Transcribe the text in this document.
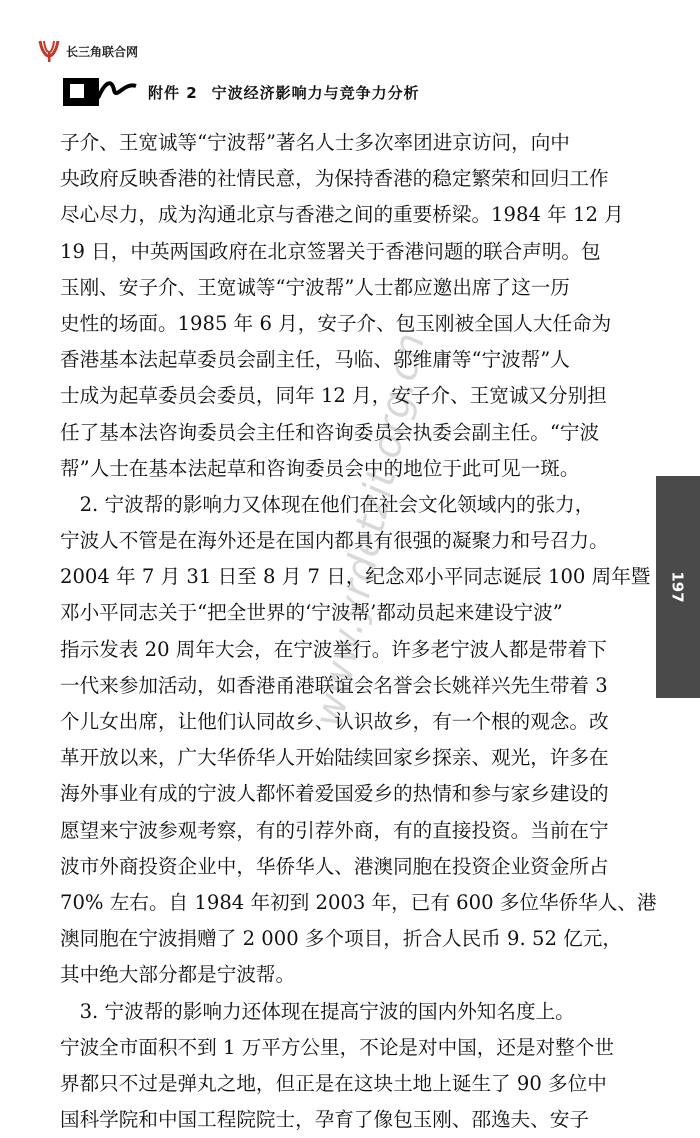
长三角联合网
附件 2 宁波经济影响力与竞争力分析
www.yrdetzit.org.cn
子介、王宽诚等“宁波帮”著名人士多次率团进京访问，向中
央政府反映香港的社情民意，为保持香港的稳定繁荣和回归工作
尽心尽力，成为沟通北京与香港之间的重要桥梁。1984 年 12 月
19 日，中英两国政府在北京签署关于香港问题的联合声明。包
玉刚、安子介、王宽诚等“宁波帮”人士都应邀出席了这一历
史性的场面。1985 年 6 月，安子介、包玉刚被全国人大任命为
香港基本法起草委员会副主任，马临、邬维庸等“宁波帮”人
士成为起草委员会委员，同年 12 月，安子介、王宽诚又分别担
任了基本法咨询委员会主任和咨询委员会执委会副主任。“宁波
帮”人士在基本法起草和咨询委员会中的地位于此可见一斑。
　2. 宁波帮的影响力又体现在他们在社会文化领域内的张力，
宁波人不管是在海外还是在国内都具有很强的凝聚力和号召力。
2004 年 7 月 31 日至 8 月 7 日，纪念邓小平同志诞辰 100 周年暨
邓小平同志关于“把全世界的‘宁波帮’都动员起来建设宁波”
指示发表 20 周年大会，在宁波举行。许多老宁波人都是带着下
一代来参加活动，如香港甬港联谊会名誉会长姚祥兴先生带着 3
个儿女出席，让他们认同故乡、认识故乡，有一个根的观念。改
革开放以来，广大华侨华人开始陆续回家乡探亲、观光，许多在
海外事业有成的宁波人都怀着爱国爱乡的热情和参与家乡建设的
愿望来宁波参观考察，有的引荐外商，有的直接投资。当前在宁
波市外商投资企业中，华侨华人、港澳同胞在投资企业资金所占
70% 左右。自 1984 年初到 2003 年，已有 600 多位华侨华人、港
澳同胞在宁波捐赠了 2 000 多个项目，折合人民币 9. 52 亿元，
其中绝大部分都是宁波帮。
　3. 宁波帮的影响力还体现在提高宁波的国内外知名度上。
宁波全市面积不到 1 万平方公里，不论是对中国，还是对整个世
界都只不过是弹丸之地，但正是在这块土地上诞生了 90 多位中
国科学院和中国工程院院士，孕育了像包玉刚、邵逸夫、安子
197
